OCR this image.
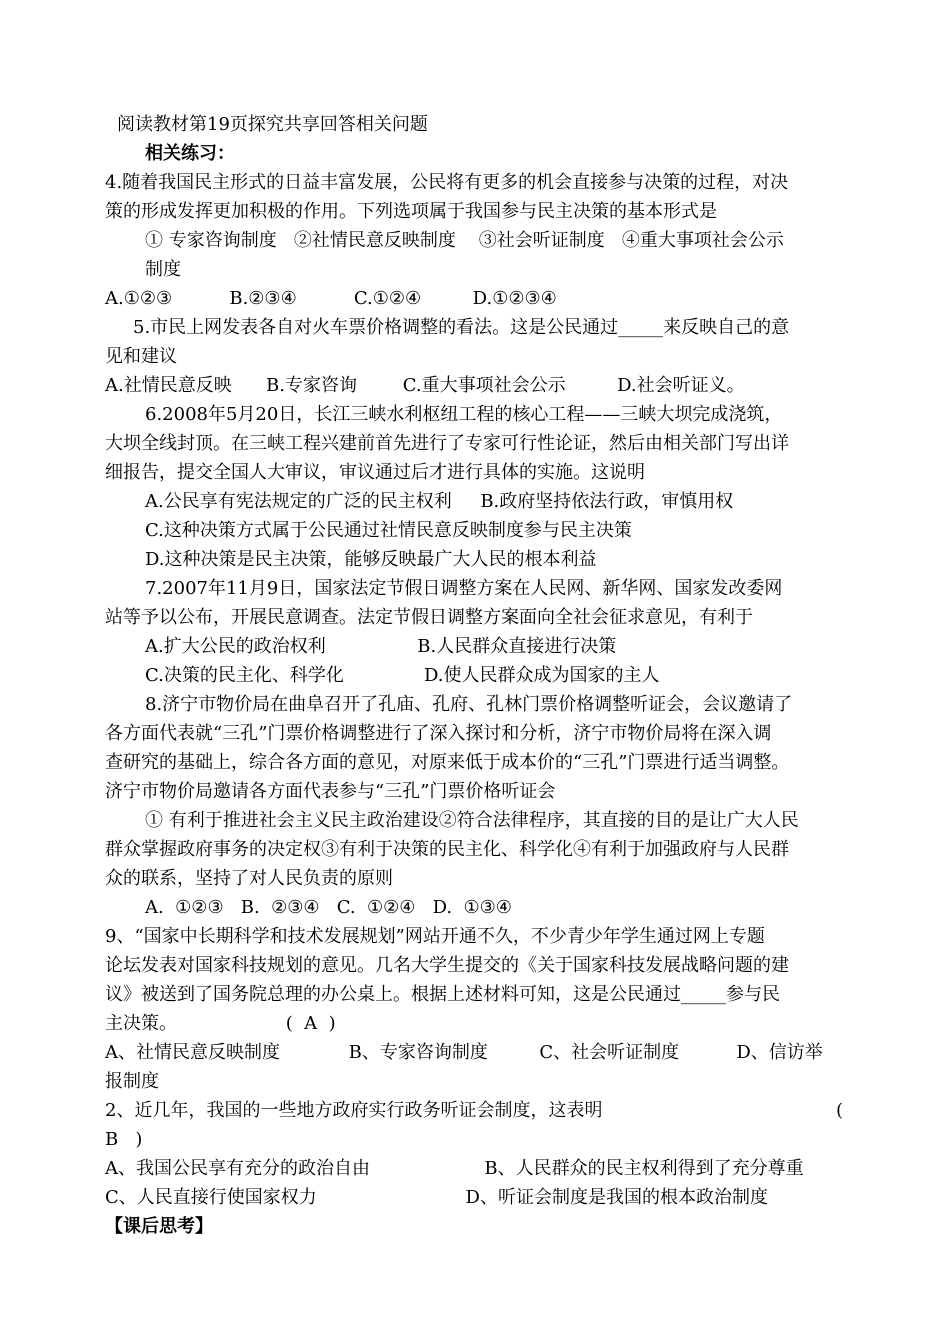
阅读教材第19页探究共享回答相关问题
相关练习：
4.随着我国民主形式的日益丰富发展，公民将有更多的机会直接参与决策的过程，对决
策的形成发挥更加积极的作用。下列选项属于我国参与民主决策的基本形式是
① 专家咨询制度   ②社情民意反映制度    ③社会听证制度   ④重大事项社会公示
制度
A.①②③          B.②③④          C.①②④         D.①②③④
5.市民上网发表各自对火车票价格调整的看法。这是公民通过_____来反映自己的意
见和建议
A.社情民意反映      B.专家咨询        C.重大事项社会公示         D.社会听证义。
6.2008年5月20日，长江三峡水利枢纽工程的核心工程——三峡大坝完成浇筑，
大坝全线封顶。在三峡工程兴建前首先进行了专家可行性论证，然后由相关部门写出详
细报告，提交全国人大审议，审议通过后才进行具体的实施。这说明
A.公民享有宪法规定的广泛的民主权利     B.政府坚持依法行政，审慎用权
C.这种决策方式属于公民通过社情民意反映制度参与民主决策
D.这种决策是民主决策，能够反映最广大人民的根本利益
7.2007年11月9日，国家法定节假日调整方案在人民网、新华网、国家发改委网
站等予以公布，开展民意调查。法定节假日调整方案面向全社会征求意见，有利于
A.扩大公民的政治权利                B.人民群众直接进行决策
C.决策的民主化、科学化              D.使人民群众成为国家的主人
8.济宁市物价局在曲阜召开了孔庙、孔府、孔林门票价格调整听证会，会议邀请了
各方面代表就“三孔”门票价格调整进行了深入探讨和分析，济宁市物价局将在深入调
查研究的基础上，综合各方面的意见，对原来低于成本价的“三孔”门票进行适当调整。
济宁市物价局邀请各方面代表参与“三孔”门票价格听证会
① 有利于推进社会主义民主政治建设②符合法律程序，其直接的目的是让广大人民
群众掌握政府事务的决定权③有利于决策的民主化、科学化④有利于加强政府与人民群
众的联系，坚持了对人民负责的原则
A.  ①②③   B.  ②③④   C.  ①②④   D.  ①③④
9、“国家中长期科学和技术发展规划”网站开通不久，不少青少年学生通过网上专题
论坛发表对国家科技规划的意见。几名大学生提交的《关于国家科技发展战略问题的建
议》被送到了国务院总理的办公桌上。根据上述材料可知，这是公民通过_____参与民
主决策。                   (  A  )
A、社情民意反映制度            B、专家咨询制度         C、社会听证制度          D、信访举
报制度
2、近几年，我国的一些地方政府实行政务听证会制度，这表明	(
B   )
A、我国公民享有充分的政治自由                    B、人民群众的民主权利得到了充分尊重
C、人民直接行使国家权力                          D、听证会制度是我国的根本政治制度
【课后思考】
